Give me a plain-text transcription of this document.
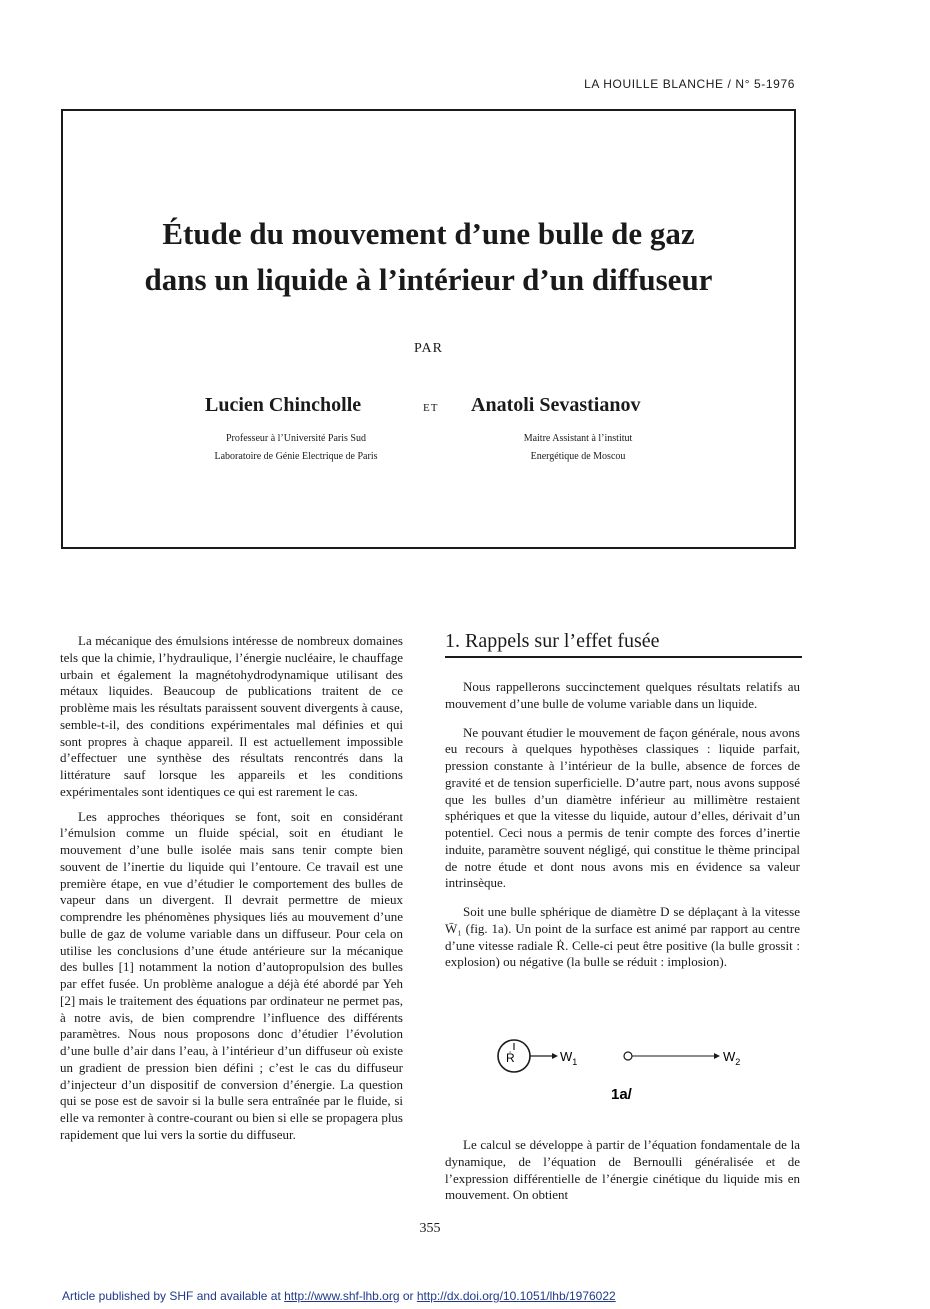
LA HOUILLE BLANCHE / N° 5-1976
Étude du mouvement d’une bulle de gaz
dans un liquide à l’intérieur d’un diffuseur
PAR
Lucien Chincholle	ET Anatoli Sevastianov
Professeur à l’Université Paris Sud
Laboratoire de Génie Electrique de Paris
Maitre Assistant à l’institut
Energétique de Moscou

La mécanique des émulsions intéresse de nombreux domaines tels que la chimie, l’hydraulique, l’énergie nucléaire, le chauffage urbain et également la magnétohydrodynamique utilisant des métaux liquides. Beaucoup de publications traitent de ce problème mais les résultats paraissent souvent divergents à cause, semble-t-il, des conditions expérimentales mal définies et qui sont propres à chaque appareil. Il est actuellement impossible d’effectuer une synthèse des résultats rencontrés dans la littérature sauf lorsque les appareils et les conditions expérimentales sont identiques ce qui est rarement le cas.

Les approches théoriques se font, soit en considérant l’émulsion comme un fluide spécial, soit en étudiant le mouvement d’une bulle isolée mais sans tenir compte bien souvent de l’inertie du liquide qui l’entoure. Ce travail est une première étape, en vue d’étudier le comportement des bulles de vapeur dans un divergent. Il devrait permettre de mieux comprendre les phénomènes physiques liés au mouvement d’une bulle de gaz de volume variable dans un diffuseur. Pour cela on utilise les conclusions d’une étude antérieure sur la mécanique des bulles [1] notamment la notion d’autopropulsion des bulles par effet fusée. Un problème analogue a déjà été abordé par Yeh [2] mais le traitement des équations par ordinateur ne permet pas, à notre avis, de bien comprendre l’influence des différents paramètres. Nous nous proposons donc d’étudier l’évolution d’une bulle d’air dans l’eau, à l’intérieur d’un diffuseur où existe un gradient de pression bien défini ; c’est le cas du diffuseur d’injecteur d’un dispositif de conversion d’énergie. La question qui se pose est de savoir si la bulle sera entraînée par le fluide, si elle va remonter à contre-courant ou bien si elle se propagera plus rapidement que lui vers la sortie du diffuseur.

1. Rappels sur l’effet fusée

Nous rappellerons succinctement quelques résultats relatifs au mouvement d’une bulle de volume variable dans un liquide.

Ne pouvant étudier le mouvement de façon générale, nous avons eu recours à quelques hypothèses classiques : liquide parfait, pression constante à l’intérieur de la bulle, absence de forces de gravité et de tension superficielle. D’autre part, nous avons supposé que les bulles d’un diamètre inférieur au millimètre restaient sphériques et que la vitesse du liquide, autour d’elles, dérivait d’un potentiel. Ceci nous a permis de tenir compte des forces d’inertie induite, paramètre souvent négligé, qui constitue le thème principal de notre étude et dont nous avons mis en évidence sa valeur intrinsèque.

Soit une bulle sphérique de diamètre D se déplaçant à la vitesse W̄₁ (fig. 1a). Un point de la surface est animé par rapport au centre d’une vitesse radiale Ṙ. Celle-ci peut être positive (la bulle grossit : explosion) ou négative (la bulle se réduit : implosion).

Ṙ	$W_1$	$W_2$
1a/

Le calcul se développe à partir de l’équation fondamentale de la dynamique, de l’équation de Bernoulli généralisée et de l’expression différentielle de l’énergie cinétique du liquide mis en mouvement. On obtient

355
Article published by SHF and available at http://www.shf-lhb.org or http://dx.doi.org/10.1051/lhb/1976022
